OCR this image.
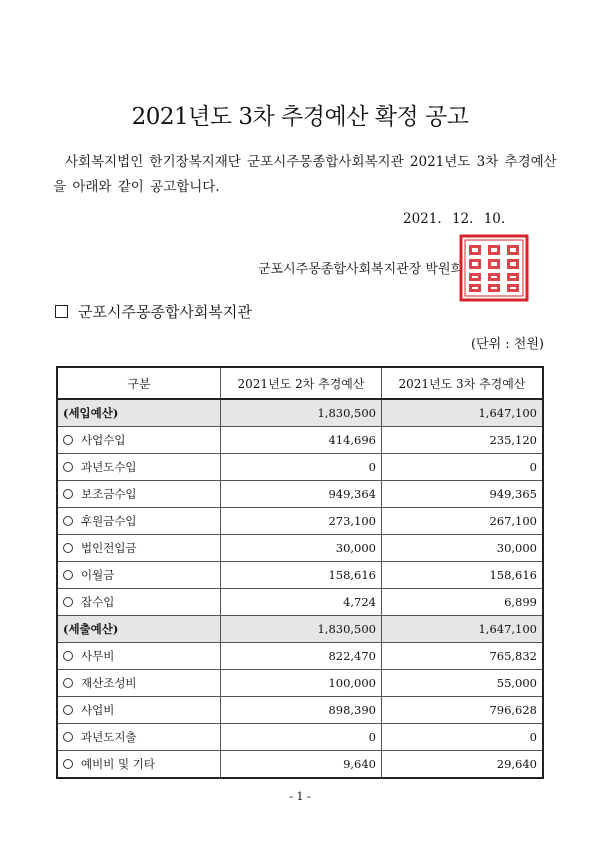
2021년도 3차 추경예산 확정 공고
사회복지법인 한기장복지재단 군포시주몽종합사회복지관 2021년도 3차 추경예산을 아래와 같이 공고합니다.
2021. 12. 10.
군포시주몽종합사회복지관장 박원희
군포시주몽종합사회복지관
(단위 : 천원)
구분	2021년도 2차 추경예산	2021년도 3차 추경예산
(세입예산)	1,830,500	1,647,100
사업수입	414,696	235,120
과년도수입	0	0
보조금수입	949,364	949,365
후원금수입	273,100	267,100
법인전입금	30,000	30,000
이월금	158,616	158,616
잡수입	4,724	6,899
(세출예산)	1,830,500	1,647,100
사무비	822,470	765,832
재산조성비	100,000	55,000
사업비	898,390	796,628
과년도지출	0	0
예비비 및 기타	9,640	29,640
- 1 -
